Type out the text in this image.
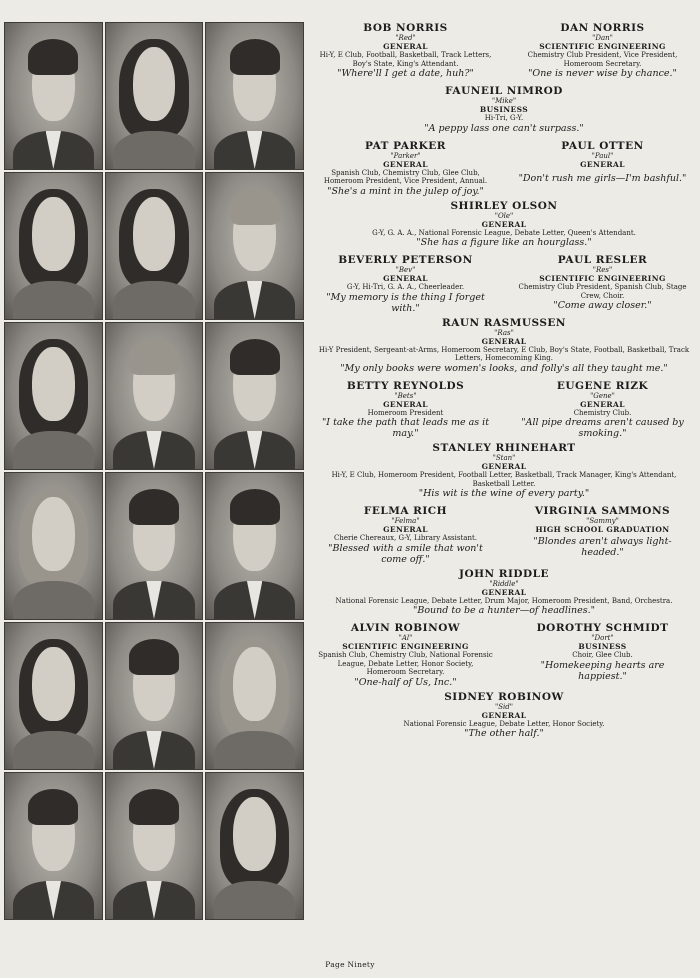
BOB NORRIS
"Red"
GENERAL
Hi-Y, E Club, Football, Basketball, Track Letters, Boy's State, King's Attendant.
"Where'll I get a date, huh?"
DAN NORRIS
"Dan"
SCIENTIFIC ENGINEERING
Chemistry Club President, Vice President, Homeroom Secretary.
"One is never wise by chance."
FAUNEIL NIMROD
"Mike"
BUSINESS
Hi-Tri, G-Y.
"A peppy lass one can't surpass."
PAT PARKER
"Parker"
GENERAL
Spanish Club, Chemistry Club, Glee Club, Homeroom President, Vice President, Annual.
"She's a mint in the julep of joy."
PAUL OTTEN
"Paul"
GENERAL
"Don't rush me girls—I'm bashful."
SHIRLEY OLSON
"Ole"
GENERAL
G-Y, G. A. A., National Forensic League, Debate Letter, Queen's Attendant.
"She has a figure like an hourglass."
BEVERLY PETERSON
"Bev"
GENERAL
G-Y, Hi-Tri, G. A. A., Cheerleader.
"My memory is the thing I forget with."
PAUL RESLER
"Res"
SCIENTIFIC ENGINEERING
Chemistry Club President, Spanish Club, Stage Crew, Choir.
"Come away closer."
RAUN RASMUSSEN
"Ras"
GENERAL
Hi-Y President, Sergeant-at-Arms, Homeroom Secretary, E Club, Boy's State, Football, Basketball, Track Letters, Homecoming King.
"My only books were women's looks, and folly's all they taught me."
BETTY REYNOLDS
"Bets"
GENERAL
Homeroom President
"I take the path that leads me as it may."
EUGENE RIZK
"Gene"
GENERAL
Chemistry Club.
"All pipe dreams aren't caused by smoking."
STANLEY RHINEHART
"Stan"
GENERAL
Hi-Y, E Club, Homeroom President, Football Letter, Basketball, Track Manager, King's Attendant, Basketball Letter.
"His wit is the wine of every party."
FELMA RICH
"Felma"
GENERAL
Cherie Chereaux, G-Y, Library Assistant.
"Blessed with a smile that won't come off."
VIRGINIA SAMMONS
"Sammy"
HIGH SCHOOL GRADUATION
"Blondes aren't always light-headed."
JOHN RIDDLE
"Riddle"
GENERAL
National Forensic League, Debate Letter, Drum Major, Homeroom President, Band, Orchestra.
"Bound to be a hunter—of headlines."
ALVIN ROBINOW
"Al"
SCIENTIFIC ENGINEERING
Spanish Club, Chemistry Club, National Forensic League, Debate Letter, Honor Society, Homeroom Secretary.
"One-half of Us, Inc."
DOROTHY SCHMIDT
"Dort"
BUSINESS
Choir, Glee Club.
"Homekeeping hearts are happiest."
SIDNEY ROBINOW
"Sid"
GENERAL
National Forensic League, Debate Letter, Honor Society.
"The other half."
Page Ninety
